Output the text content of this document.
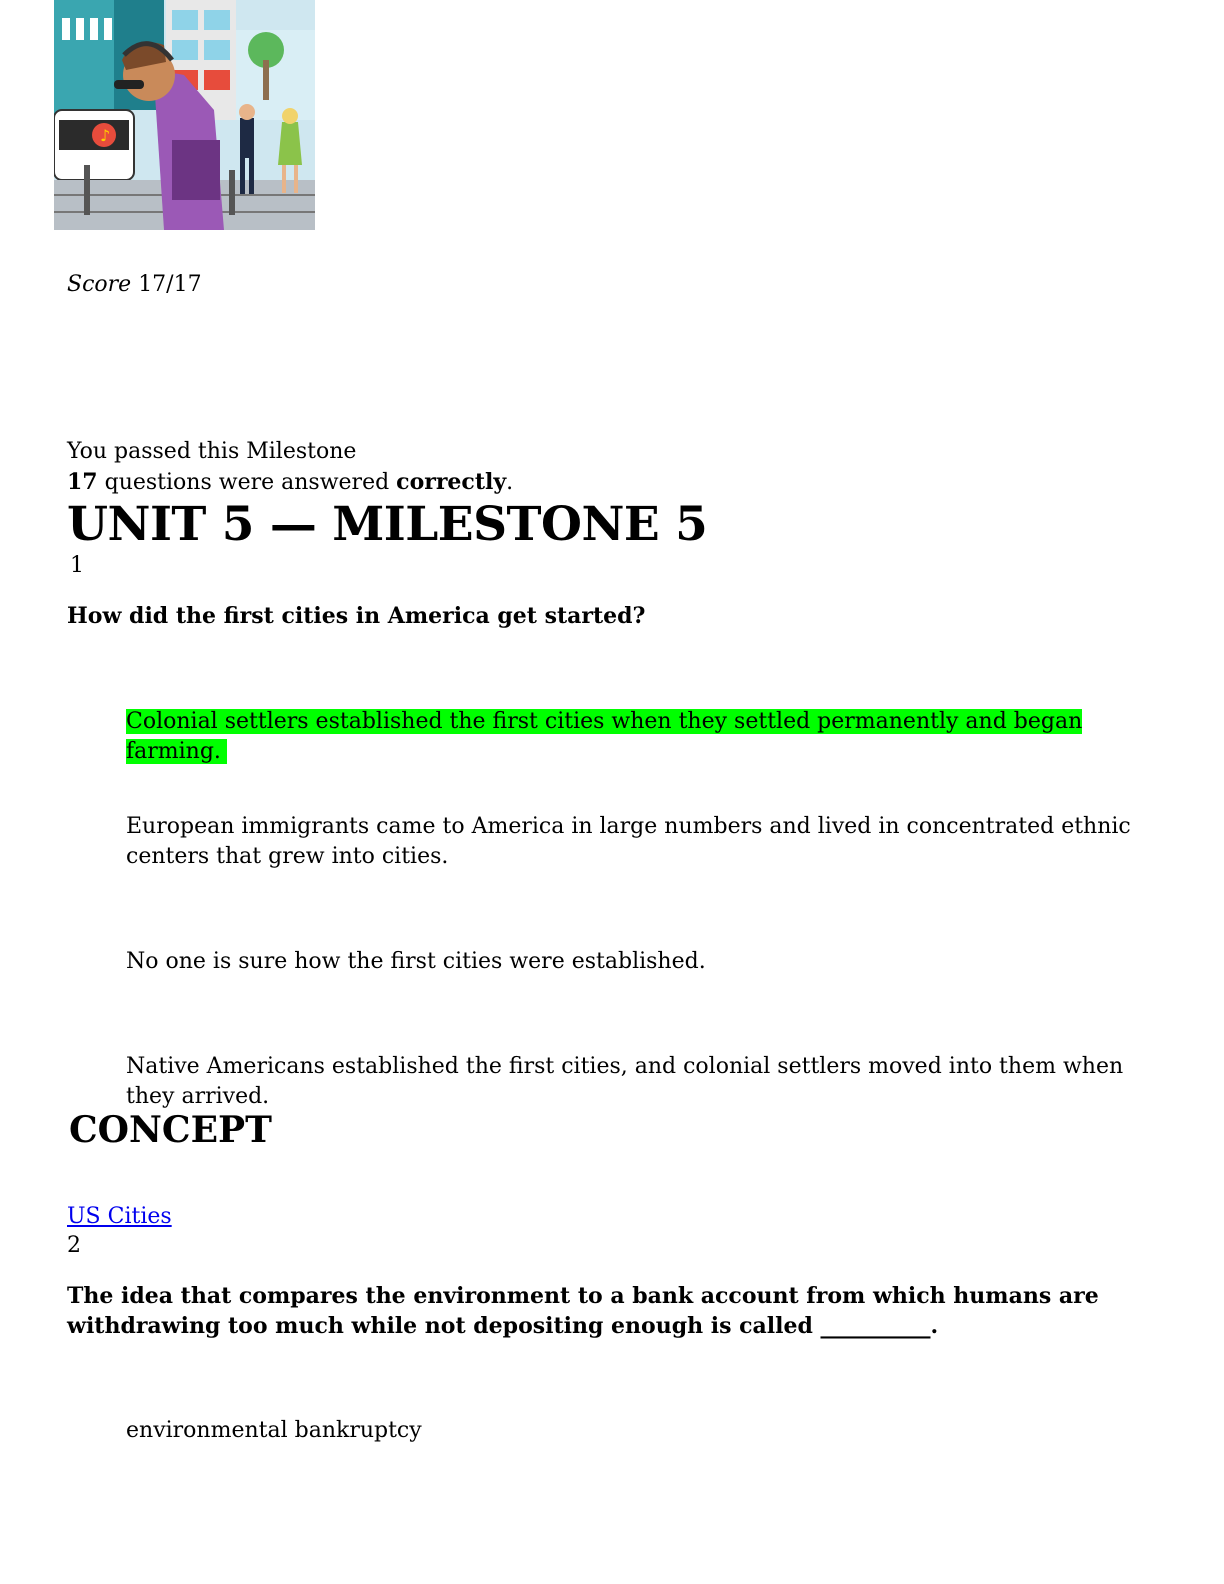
♪
Score 17/17
You passed this Milestone
17 questions were answered correctly.
UNIT 5 — MILESTONE 5
1
How did the first cities in America get started?
Colonial settlers established the first cities when they settled permanently and began farming.
European immigrants came to America in large numbers and lived in concentrated ethnic centers that grew into cities.
No one is sure how the first cities were established.
Native Americans established the first cities, and colonial settlers moved into them when they arrived.
CONCEPT
US Cities
2
The idea that compares the environment to a bank account from which humans are withdrawing too much while not depositing enough is called __________.
environmental bankruptcy
